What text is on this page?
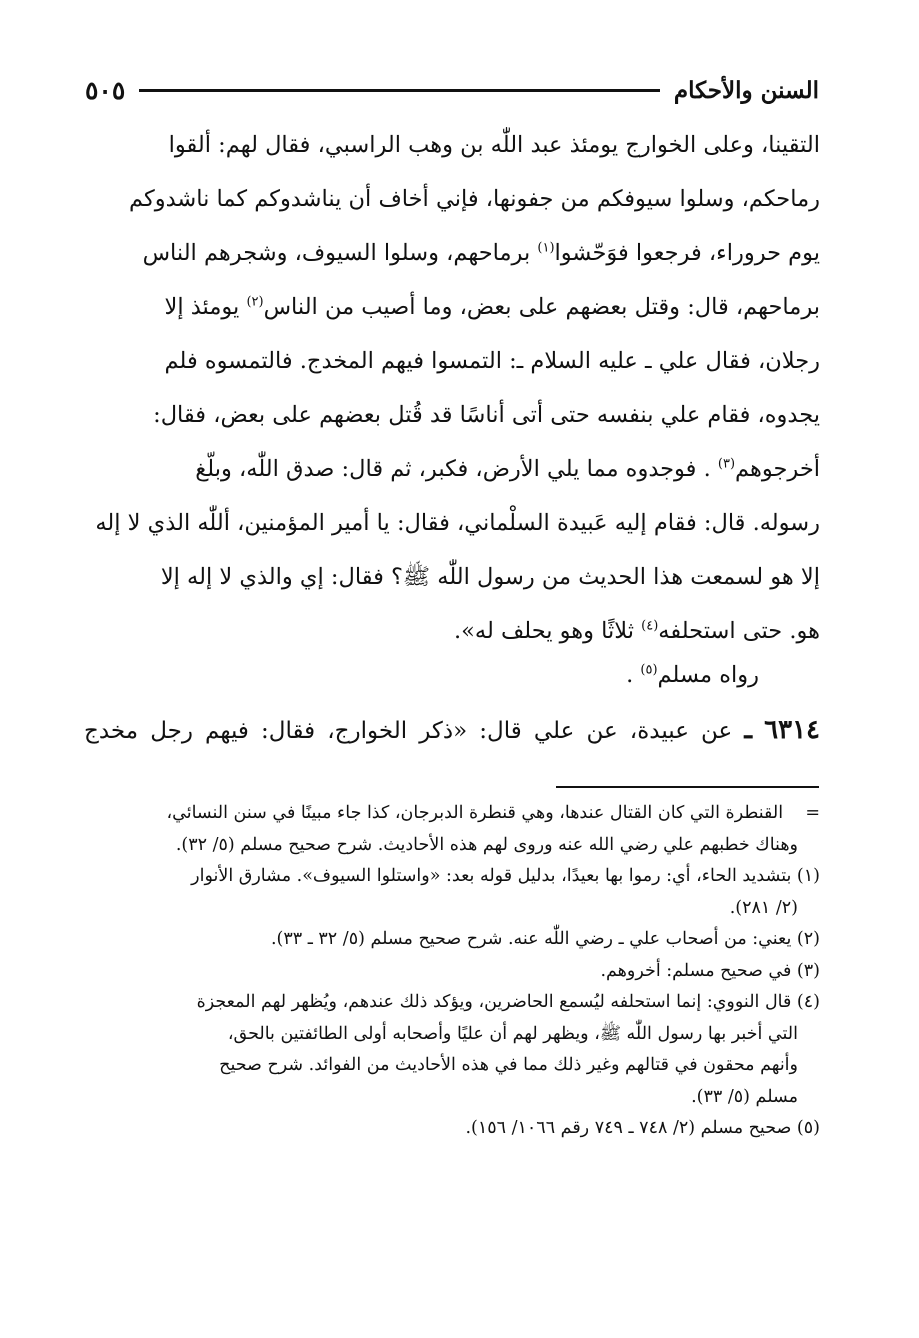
السنن والأحكام
٥٠٥

التقينا، وعلى الخوارج يومئذ عبد اللّٰه بن وهب الراسبي، فقال لهم: ألقوا
رماحكم، وسلوا سيوفكم من جفونها، فإني أخاف أن يناشدوكم كما ناشدوكم
يوم حروراء، فرجعوا فوَحّشوا$^{(١)}$ برماحهم، وسلوا السيوف، وشجرهم الناس
برماحهم، قال: وقتل بعضهم على بعض، وما أصيب من الناس$^{(٢)}$ يومئذ إلا
رجلان، فقال علي ـ عليه السلام ـ: التمسوا فيهم المخدج. فالتمسوه فلم
يجدوه، فقام علي بنفسه حتى أتى أناسًا قد قُتل بعضهم على بعض، فقال:
أخرجوهم$^{(٣)}$ . فوجدوه مما يلي الأرض، فكبر، ثم قال: صدق اللّٰه، وبلّغ
رسوله. قال: فقام إليه عَبيدة السلْماني، فقال: يا أمير المؤمنين، أللّٰه الذي لا إله
إلا هو لسمعت هذا الحديث من رسول اللّٰه ﷺ؟ فقال: إي والذي لا إله إلا
هو. حتى استحلفه$^{(٤)}$ ثلاثًا وهو يحلف له».

رواه مسلم$^{(٥)}$ .
٦٣١٤ ـ عن عبيدة، عن علي قال: «ذكر الخوارج، فقال: فيهم رجل مخدج
=    القنطرة التي كان القتال عندها، وهي قنطرة الدبرجان، كذا جاء مبينًا في سنن النسائي،
وهناك خطبهم علي رضي الله عنه وروى لهم هذه الأحاديث. شرح صحيح مسلم (٥/ ٣٢).
(١) بتشديد الحاء، أي: رموا بها بعيدًا، بدليل قوله بعد: «واستلوا السيوف». مشارق الأنوار
(٢/ ٢٨١).
(٢) يعني: من أصحاب علي ـ رضي اللّٰه عنه. شرح صحيح مسلم (٥/ ٣٢ ـ ٣٣).
(٣) في صحيح مسلم: أخروهم.
(٤) قال النووي: إنما استحلفه ليُسمع الحاضرين، ويؤكد ذلك عندهم، ويُظهر لهم المعجزة
التي أخبر بها رسول اللّٰه ﷺ، ويظهر لهم أن عليًا وأصحابه أولى الطائفتين بالحق،
وأنهم محقون في قتالهم وغير ذلك مما في هذه الأحاديث من الفوائد. شرح صحيح
مسلم (٥/ ٣٣).
(٥) صحيح مسلم (٢/ ٧٤٨ ـ ٧٤٩ رقم ١٠٦٦/ ١٥٦).
